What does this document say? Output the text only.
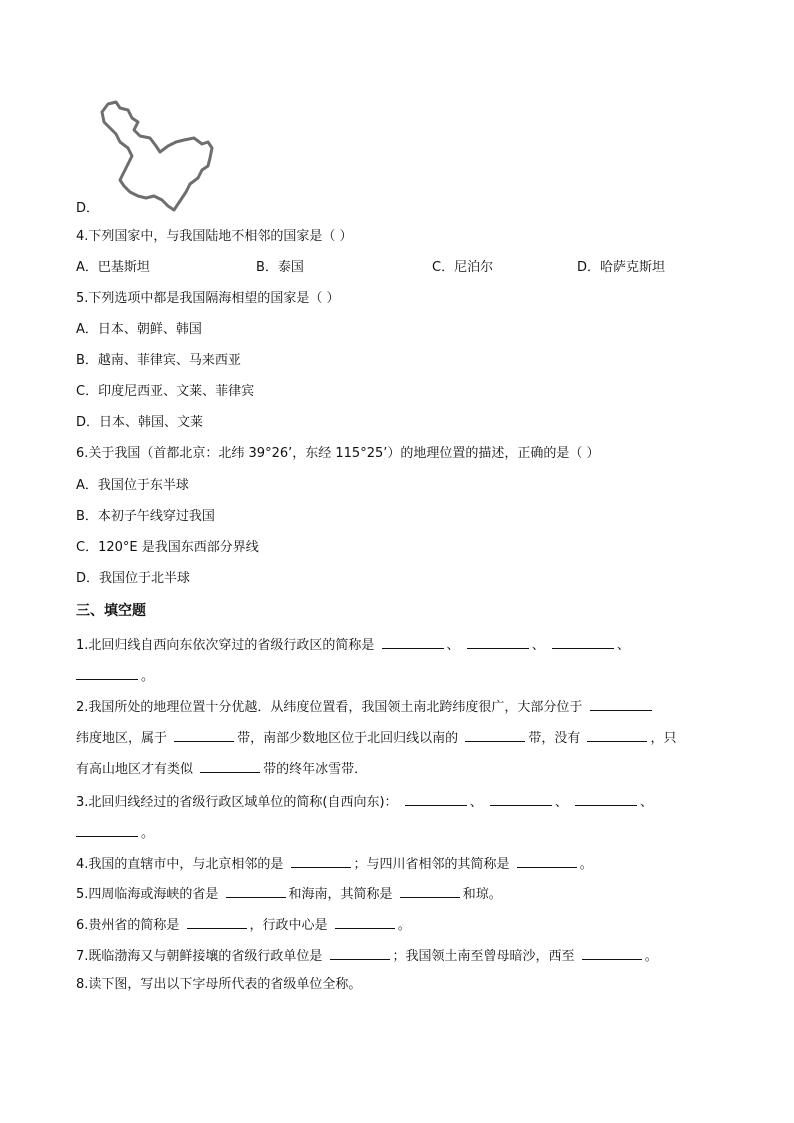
D．
4.下列国家中，与我国陆地不相邻的国家是（ ）
A．巴基斯坦	B．泰国	C．尼泊尔	D．哈萨克斯坦
5.下列选项中都是我国隔海相望的国家是（ ）
A．日本、朝鲜、韩国
B．越南、菲律宾、马来西亚
C．印度尼西亚、文莱、菲律宾
D．日本、韩国、文莱
6.关于我国（首都北京：北纬 39°26’，东经 115°25’）的地理位置的描述，正确的是（ ）
A．我国位于东半球
B．本初子午线穿过我国
C．120°E 是我国东西部分界线
D．我国位于北半球
三、填空题
1.北回归线自西向东依次穿过的省级行政区的简称是	、	、	、
。
2.我国所处的地理位置十分优越．从纬度位置看，我国领土南北跨纬度很广，大部分位于
纬度地区，属于	带，南部少数地区位于北回归线以南的	带，没有	，只
有高山地区才有类似	带的终年冰雪带．
3.北回归线经过的省级行政区域单位的简称(自西向东)：	、	、	、
。
4.我国的直辖市中，与北京相邻的是	；与四川省相邻的其简称是	。
5.四周临海或海峡的省是	和海南，其简称是	和琼。
6.贵州省的简称是	，行政中心是	。
7.既临渤海又与朝鲜接壤的省级行政单位是	；我国领土南至曾母暗沙，西至	。
8.读下图，写出以下字母所代表的省级单位全称。
